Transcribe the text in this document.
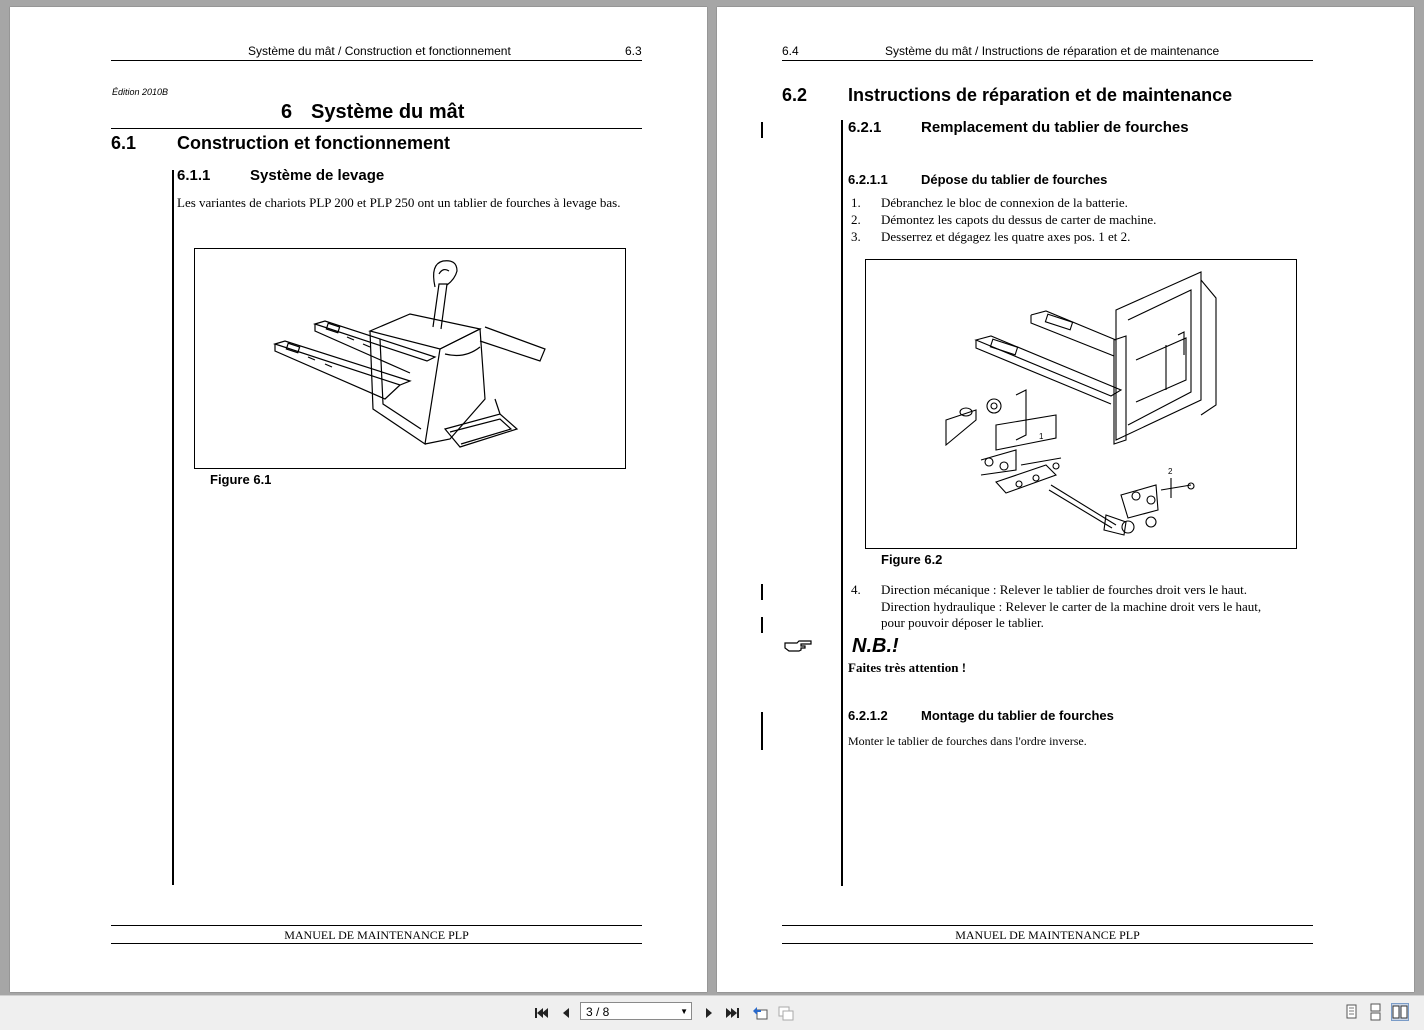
Système du mât / Construction et fonctionnement	6.3
Édition 2010B
6 Système du mât
6.1 Construction et fonctionnement
6.1.1	Système de levage
Les variantes de chariots PLP 200 et PLP 250 ont un tablier de fourches à levage bas.
Figure 6.1
MANUEL DE MAINTENANCE PLP
6.4	Système du mât / Instructions de réparation et de maintenance
6.2 Instructions de réparation et de maintenance
6.2.1	Remplacement du tablier de fourches
6.2.1.1	Dépose du tablier de fourches
1. Débranchez le bloc de connexion de la batterie.
2. Démontez les capots du dessus de carter de machine.
3. Desserrez et dégagez les quatre axes pos. 1 et 2.
1
2
Figure 6.2
4. Direction mécanique : Relever le tablier de fourches droit vers le haut.
Direction hydraulique : Relever le carter de la machine droit vers le haut,
pour pouvoir déposer le tablier.
N.B.!
Faites très attention !
6.2.1.2	Montage du tablier de fourches
Monter le tablier de fourches dans l'ordre inverse.
MANUEL DE MAINTENANCE PLP
3 / 8	▼
